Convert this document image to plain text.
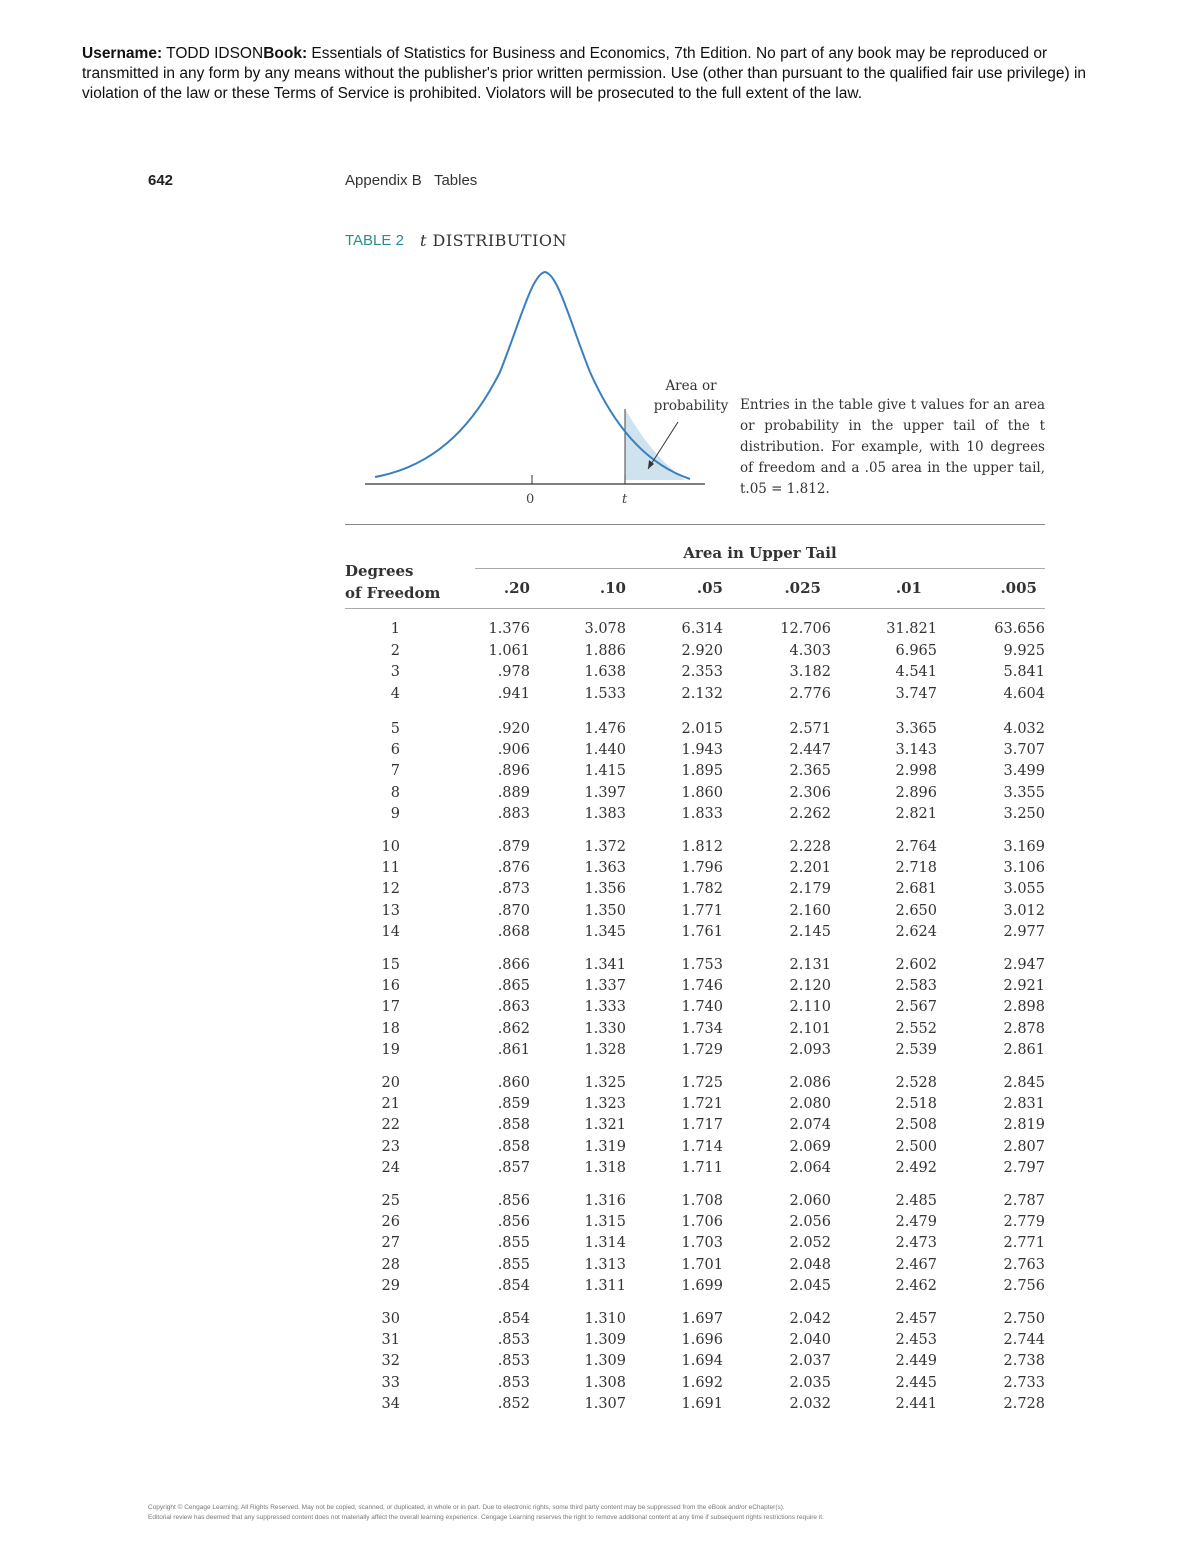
Username: TODD IDSONBook: Essentials of Statistics for Business and Economics, 7th Edition. No part of any book may be reproduced or transmitted in any form by any means without the publisher's prior written permission. Use (other than pursuant to the qualified fair use privilege) in violation of the law or these Terms of Service is prohibited. Violators will be prosecuted to the full extent of the law.
642	Appendix B   Tables
TABLE 2 t DISTRIBUTION
0	t
Area or
probability Entries in the table give t values for an area or probability in the upper tail of the t distribution. For example, with 10 degrees of freedom and a .05 area in the upper tail, t.05 = 1.812.
Area in Upper Tail
Degrees
of Freedom	.20	.10	.05	.025	.01	.005
1	1.376	3.078	6.314	12.706	31.821	63.656
2	1.061	1.886	2.920	4.303	6.965	9.925
3	.978	1.638	2.353	3.182	4.541	5.841
4	.941	1.533	2.132	2.776	3.747	4.604
5	.920	1.476	2.015	2.571	3.365	4.032
6	.906	1.440	1.943	2.447	3.143	3.707
7	.896	1.415	1.895	2.365	2.998	3.499
8	.889	1.397	1.860	2.306	2.896	3.355
9	.883	1.383	1.833	2.262	2.821	3.250
10	.879	1.372	1.812	2.228	2.764	3.169
11	.876	1.363	1.796	2.201	2.718	3.106
12	.873	1.356	1.782	2.179	2.681	3.055
13	.870	1.350	1.771	2.160	2.650	3.012
14	.868	1.345	1.761	2.145	2.624	2.977
15	.866	1.341	1.753	2.131	2.602	2.947
16	.865	1.337	1.746	2.120	2.583	2.921
17	.863	1.333	1.740	2.110	2.567	2.898
18	.862	1.330	1.734	2.101	2.552	2.878
19	.861	1.328	1.729	2.093	2.539	2.861
20	.860	1.325	1.725	2.086	2.528	2.845
21	.859	1.323	1.721	2.080	2.518	2.831
22	.858	1.321	1.717	2.074	2.508	2.819
23	.858	1.319	1.714	2.069	2.500	2.807
24	.857	1.318	1.711	2.064	2.492	2.797
25	.856	1.316	1.708	2.060	2.485	2.787
26	.856	1.315	1.706	2.056	2.479	2.779
27	.855	1.314	1.703	2.052	2.473	2.771
28	.855	1.313	1.701	2.048	2.467	2.763
29	.854	1.311	1.699	2.045	2.462	2.756
30	.854	1.310	1.697	2.042	2.457	2.750
31	.853	1.309	1.696	2.040	2.453	2.744
32	.853	1.309	1.694	2.037	2.449	2.738
33	.853	1.308	1.692	2.035	2.445	2.733
34	.852	1.307	1.691	2.032	2.441	2.728
Copyright © Cengage Learning. All Rights Reserved. May not be copied, scanned, or duplicated, in whole or in part. Due to electronic rights, some third party content may be suppressed from the eBook and/or eChapter(s).
Editorial review has deemed that any suppressed content does not materially affect the overall learning experience. Cengage Learning reserves the right to remove additional content at any time if subsequent rights restrictions require it.
